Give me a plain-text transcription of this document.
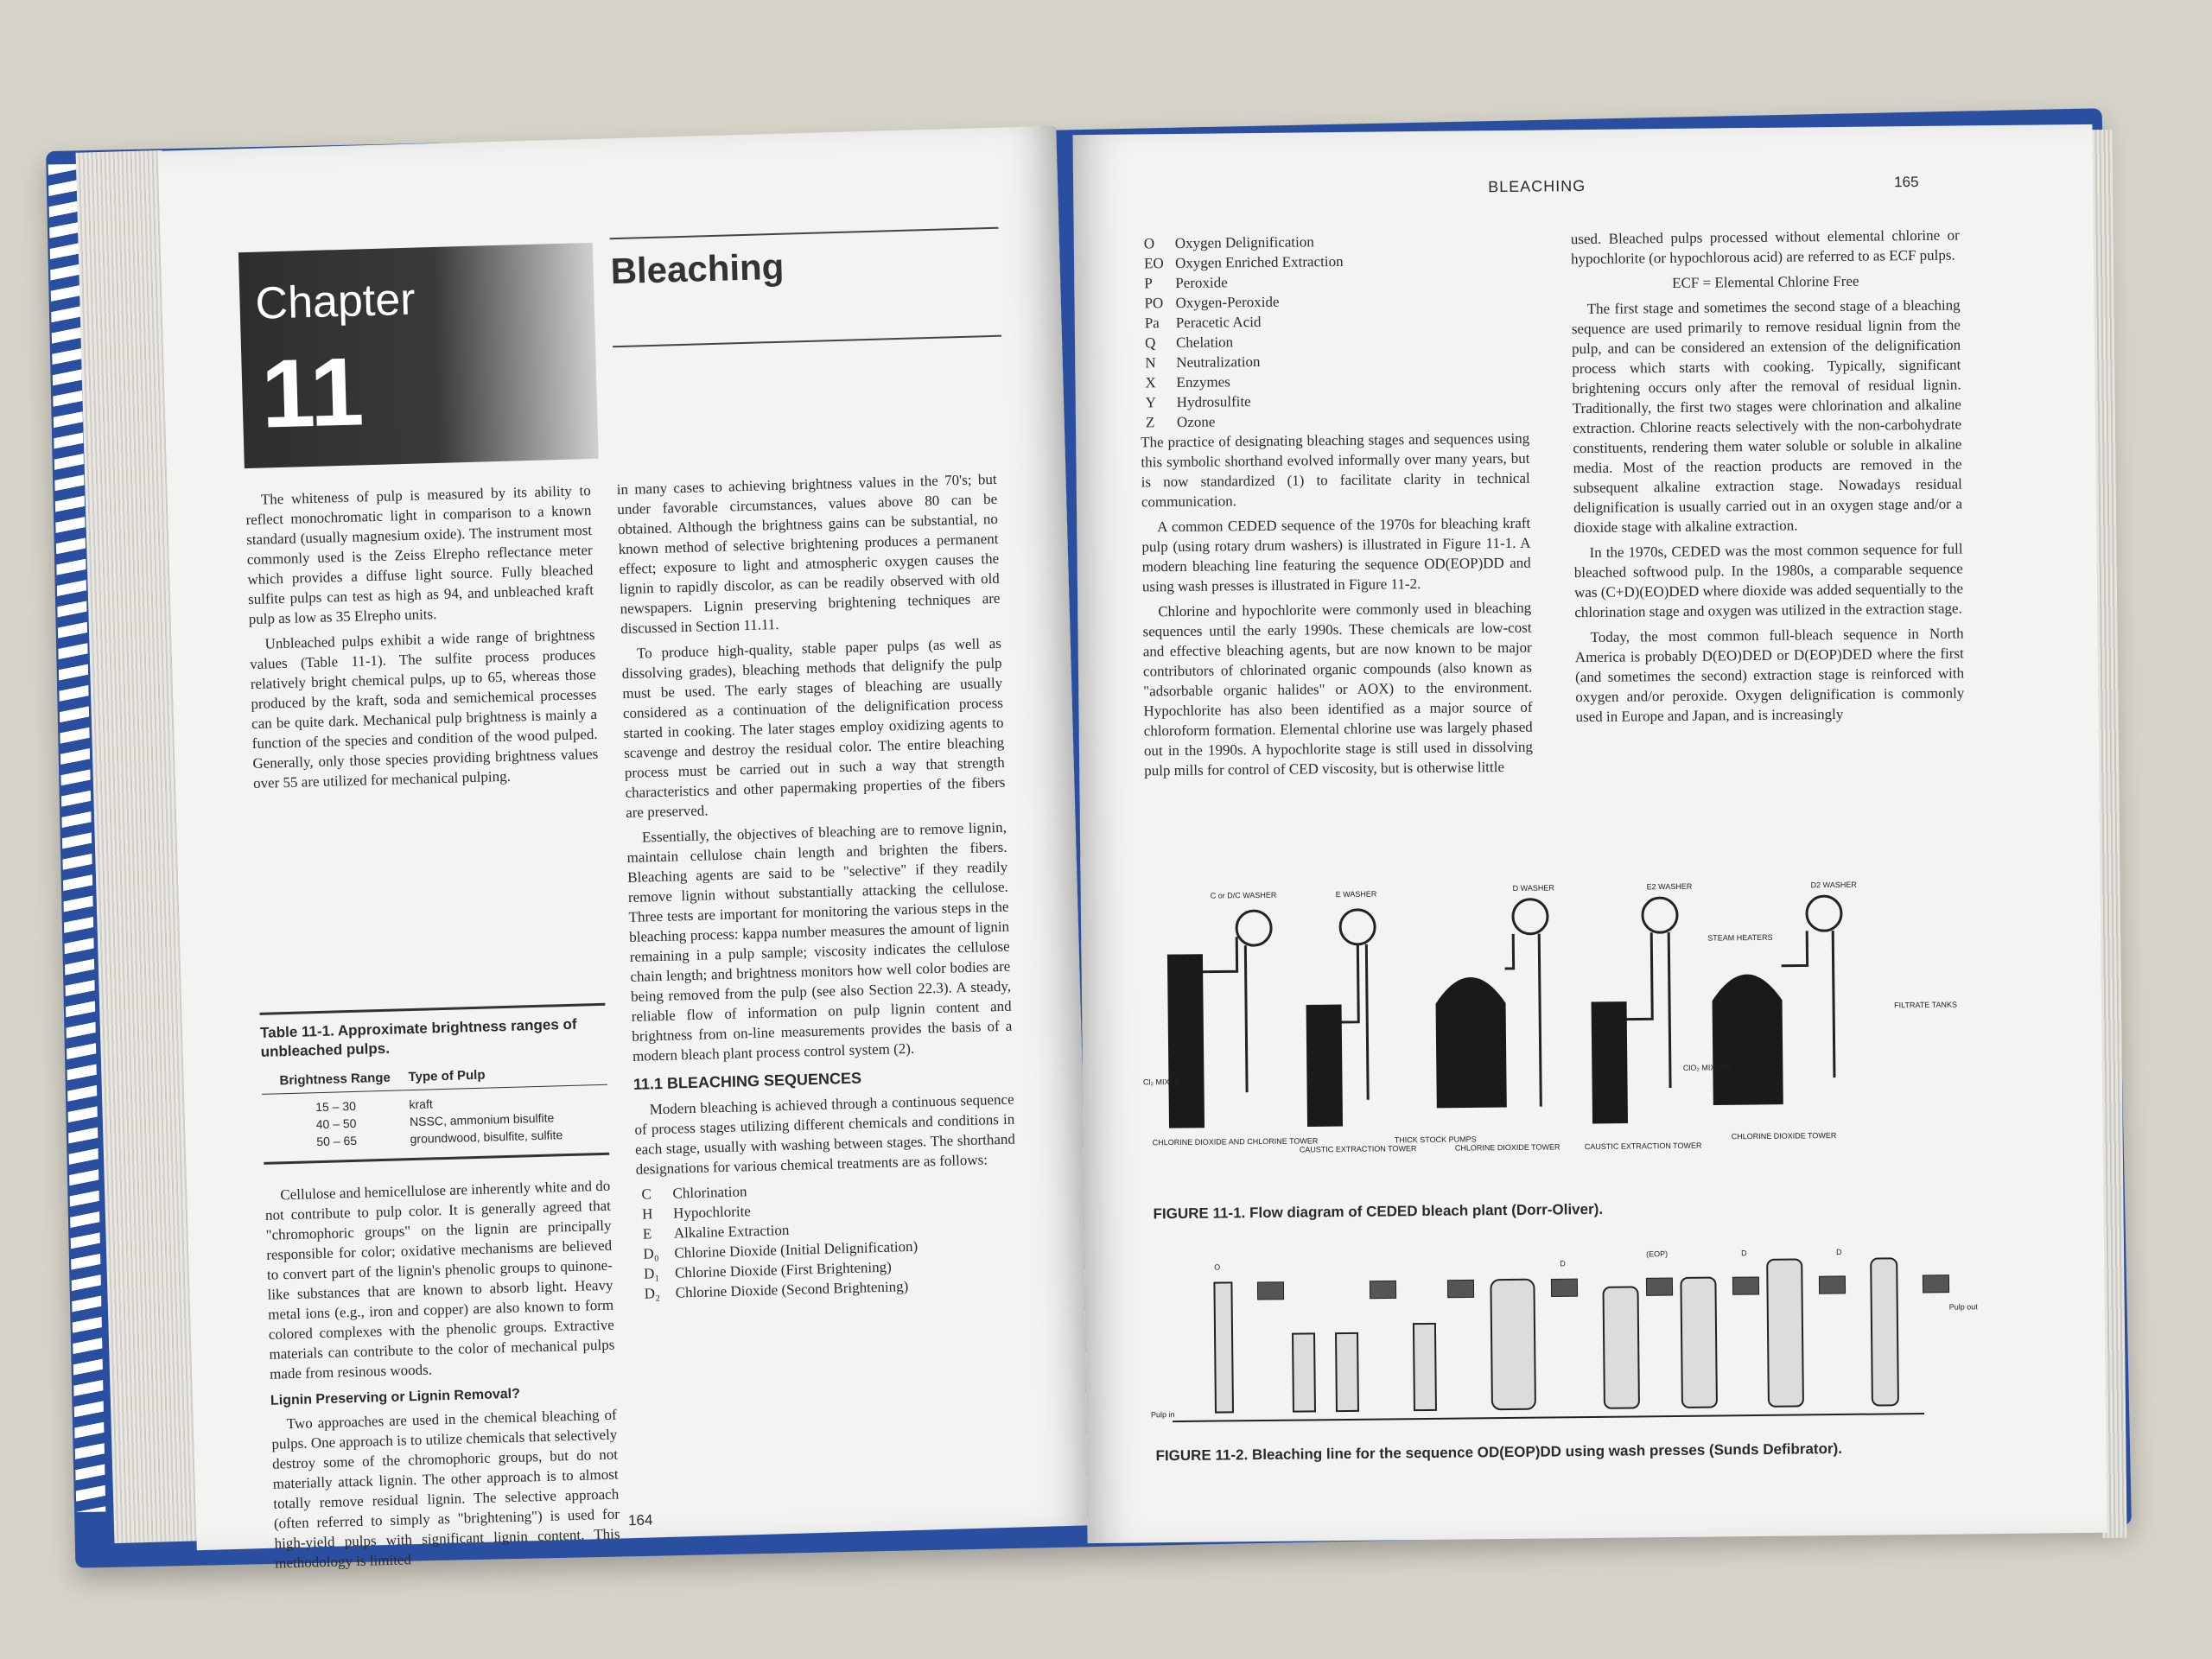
Chapter
11
Bleaching

The whiteness of pulp is measured by its ability to reflect monochromatic light in comparison to a known standard (usually magnesium oxide). The instrument most commonly used is the Zeiss Elrepho reflectance meter which provides a diffuse light source. Fully bleached sulfite pulps can test as high as 94, and unbleached kraft pulp as low as 35 Elrepho units.

Unbleached pulps exhibit a wide range of brightness values (Table 11-1). The sulfite process produces relatively bright chemical pulps, up to 65, whereas those produced by the kraft, soda and semichemical processes can be quite dark. Mechanical pulp brightness is mainly a function of the species and condition of the wood pulped. Generally, only those species providing brightness values over 55 are utilized for mechanical pulping.

Table 11-1. Approximate brightness ranges of unbleached pulps.
Brightness Range	Type of Pulp
15 – 30	kraft
40 – 50	NSSC, ammonium bisulfite
50 – 65	groundwood, bisulfite, sulfite

Cellulose and hemicellulose are inherently white and do not contribute to pulp color. It is generally agreed that "chromophoric groups" on the lignin are principally responsible for color; oxidative mechanisms are believed to convert part of the lignin's phenolic groups to quinone-like substances that are known to absorb light. Heavy metal ions (e.g., iron and copper) are also known to form colored complexes with the phenolic groups. Extractive materials can contribute to the color of mechanical pulps made from resinous woods.

Lignin Preserving or Lignin Removal?

Two approaches are used in the chemical bleaching of pulps. One approach is to utilize chemicals that selectively destroy some of the chromophoric groups, but do not materially attack lignin. The other approach is to almost totally remove residual lignin. The selective approach (often referred to simply as "brightening") is used for high-yield pulps with significant lignin content. This methodology is limited

in many cases to achieving brightness values in the 70's; but under favorable circumstances, values above 80 can be obtained. Although the brightness gains can be substantial, no known method of selective brightening produces a permanent effect; exposure to light and atmospheric oxygen causes the lignin to rapidly discolor, as can be readily observed with old newspapers. Lignin preserving brightening techniques are discussed in Section 11.11.

To produce high-quality, stable paper pulps (as well as dissolving grades), bleaching methods that delignify the pulp must be used. The early stages of bleaching are usually considered as a continuation of the delignification process started in cooking. The later stages employ oxidizing agents to scavenge and destroy the residual color. The entire bleaching process must be carried out in such a way that strength characteristics and other papermaking properties of the fibers are preserved.

Essentially, the objectives of bleaching are to remove lignin, maintain cellulose chain length and brighten the fibers. Bleaching agents are said to be "selective" if they readily remove lignin without substantially attacking the cellulose. Three tests are important for monitoring the various steps in the bleaching process: kappa number measures the amount of lignin remaining in a pulp sample; viscosity indicates the cellulose chain length; and brightness monitors how well color bodies are being removed from the pulp (see also Section 22.3). A steady, reliable flow of information on pulp lignin content and brightness from on-line measurements provides the basis of a modern bleach plant process control system (2).

11.1 BLEACHING SEQUENCES

Modern bleaching is achieved through a continuous sequence of process stages utilizing different chemicals and conditions in each stage, usually with washing between stages. The shorthand designations for various chemical treatments are as follows:

C	Chlorination
H	Hypochlorite
E	Alkaline Extraction
D₀	Chlorine Dioxide (Initial Delignification)
D₁	Chlorine Dioxide (First Brightening)
D₂	Chlorine Dioxide (Second Brightening)
164
BLEACHING	165
O	Oxygen Delignification
EO Oxygen Enriched Extraction
P	Peroxide
PO Oxygen-Peroxide
Pa	Peracetic Acid
Q	Chelation
N	Neutralization
X	Enzymes
Y	Hydrosulfite
Z	Ozone

The practice of designating bleaching stages and sequences using this symbolic shorthand evolved informally over many years, but is now standardized (1) to facilitate clarity in technical communication.

A common CEDED sequence of the 1970s for bleaching kraft pulp (using rotary drum washers) is illustrated in Figure 11-1. A modern bleaching line featuring the sequence OD(EOP)DD and using wash presses is illustrated in Figure 11-2.

Chlorine and hypochlorite were commonly used in bleaching sequences until the early 1990s. These chemicals are low-cost and effective bleaching agents, but are now known to be major contributors of chlorinated organic compounds (also known as "adsorbable organic halides" or AOX) to the environment. Hypochlorite has also been identified as a major source of chloroform formation. Elemental chlorine use was largely phased out in the 1990s. A hypochlorite stage is still used in dissolving pulp mills for control of CED viscosity, but is otherwise little

used. Bleached pulps processed without elemental chlorine or hypochlorite (or hypochlorous acid) are referred to as ECF pulps.

ECF = Elemental Chlorine Free

The first stage and sometimes the second stage of a bleaching sequence are used primarily to remove residual lignin from the pulp, and can be considered an extension of the delignification process which starts with cooking. Typically, significant brightening occurs only after the removal of residual lignin. Traditionally, the first two stages were chlorination and alkaline extraction. Chlorine reacts selectively with the non-carbohydrate constituents, rendering them water soluble or soluble in alkaline media. Most of the reaction products are removed in the subsequent alkaline extraction stage. Nowadays residual delignification is usually carried out in an oxygen stage and/or a dioxide stage with alkaline extraction.

In the 1970s, CEDED was the most common sequence for full bleached softwood pulp. In the 1980s, a comparable sequence was (C+D)(EO)DED where dioxide was added sequentially to the chlorination stage and oxygen was utilized in the extraction stage.

Today, the most common full-bleach sequence in North America is probably D(EO)DED or D(EOP)DED where the first (and sometimes the second) extraction stage is reinforced with oxygen and/or peroxide. Oxygen delignification is commonly used in Europe and Japan, and is increasingly

C or D/C WASHER	E WASHER
D WASHER	E2 WASHER	D2 WASHER
STEAM HEATERS
FILTRATE TANKS
Cl₂ MIXER
ClO₂ MIXERS
CHLORINE DIOXIDE AND CHLORINE TOWER
CAUSTIC EXTRACTION TOWER
THICK STOCK PUMPS
CHLORINE DIOXIDE TOWER	CAUSTIC EXTRACTION TOWER
CHLORINE DIOXIDE TOWER
FIGURE 11-1. Flow diagram of CEDED bleach plant (Dorr-Oliver).
O	D
(EOP)	D	D
Pulp in
Pulp out
FIGURE 11-2. Bleaching line for the sequence OD(EOP)DD using wash presses (Sunds Defibrator).
